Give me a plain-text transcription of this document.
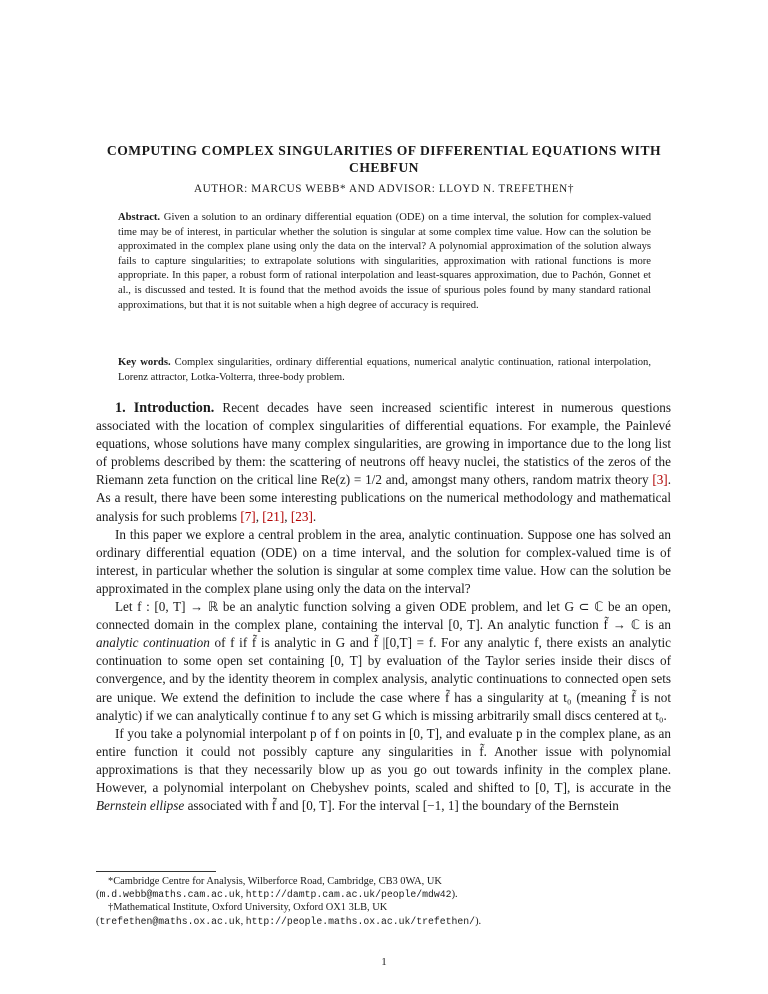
COMPUTING COMPLEX SINGULARITIES OF DIFFERENTIAL EQUATIONS WITH CHEBFUN
AUTHOR: MARCUS WEBB* AND ADVISOR: LLOYD N. TREFETHEN†
Abstract. Given a solution to an ordinary differential equation (ODE) on a time interval, the solution for complex-valued time may be of interest, in particular whether the solution is singular at some complex time value. How can the solution be approximated in the complex plane using only the data on the interval? A polynomial approximation of the solution always fails to capture singularities; to extrapolate solutions with singularities, approximation with rational functions is more appropriate. In this paper, a robust form of rational interpolation and least-squares approximation, due to Pachón, Gonnet et al., is discussed and tested. It is found that the method avoids the issue of spurious poles found by many standard rational approximations, but that it is not suitable when a high degree of accuracy is required.
Key words. Complex singularities, ordinary differential equations, numerical analytic continuation, rational interpolation, Lorenz attractor, Lotka-Volterra, three-body problem.

1. Introduction. Recent decades have seen increased scientific interest in numerous questions associated with the location of complex singularities of differential equations. For example, the Painlevé equations, whose solutions have many complex singularities, are growing in importance due to the long list of problems described by them: the scattering of neutrons off heavy nuclei, the statistics of the zeros of the Riemann zeta function on the critical line Re(z) = 1/2 and, amongst many others, random matrix theory [3]. As a result, there have been some interesting publications on the numerical methodology and mathematical analysis for such problems [7], [21], [23].

In this paper we explore a central problem in the area, analytic continuation. Suppose one has solved an ordinary differential equation (ODE) on a time interval, and the solution for complex-valued time is of interest, in particular whether the solution is singular at some complex time value. How can the solution be approximated in the complex plane using only the data on the interval?

Let f : [0, T] → ℝ be an analytic function solving a given ODE problem, and let G ⊂ ℂ be an open, connected domain in the complex plane, containing the interval [0, T]. An analytic function f̃ → ℂ is an analytic continuation of f if f̃ is analytic in G and f̃ |[0,T] = f. For any analytic f, there exists an analytic continuation to some open set containing [0, T] by evaluation of the Taylor series inside their discs of convergence, and by the identity theorem in complex analysis, analytic continuations to connected open sets are unique. We extend the definition to include the case where f̃ has a singularity at t₀ (meaning f̃ is not analytic) if we can analytically continue f to any set G which is missing arbitrarily small discs centered at t₀.

If you take a polynomial interpolant p of f on points in [0, T], and evaluate p in the complex plane, as an entire function it could not possibly capture any singularities in f̃. Another issue with polynomial approximations is that they necessarily blow up as you go out towards infinity in the complex plane. However, a polynomial interpolant on Chebyshev points, scaled and shifted to [0, T], is accurate in the Bernstein ellipse associated with f̃ and [0, T]. For the interval [−1, 1] the boundary of the Bernstein

*Cambridge Centre for Analysis, Wilberforce Road, Cambridge, CB3 0WA, UK

(m.d.webb@maths.cam.ac.uk, http://damtp.cam.ac.uk/people/mdw42).

†Mathematical Institute, Oxford University, Oxford OX1 3LB, UK

(trefethen@maths.ox.ac.uk, http://people.maths.ox.ac.uk/trefethen/).

1
